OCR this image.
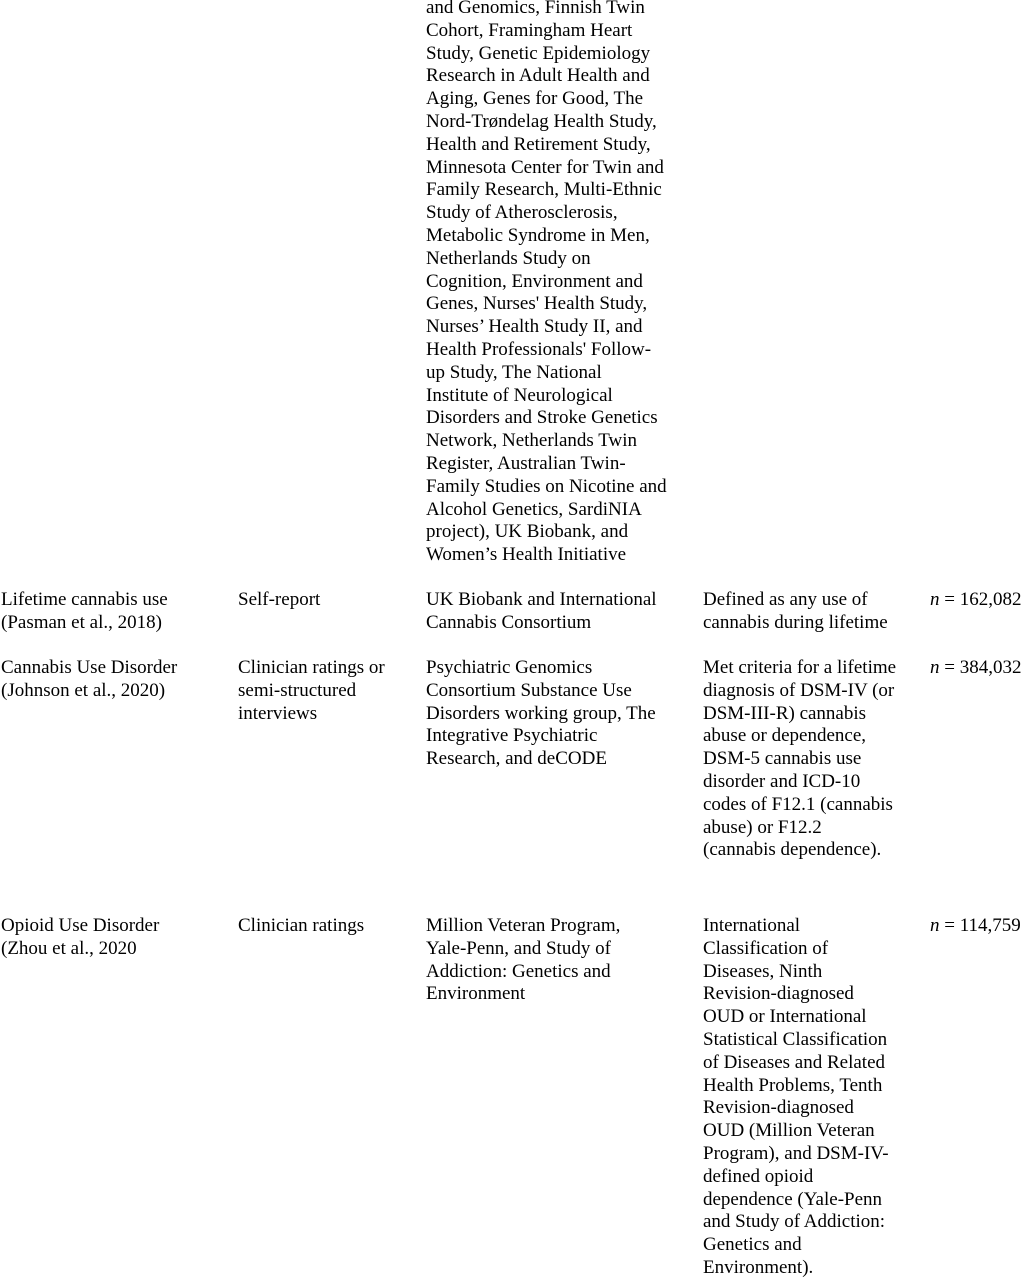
and Genomics, Finnish Twin
Cohort, Framingham Heart
Study, Genetic Epidemiology
Research in Adult Health and
Aging, Genes for Good, The
Nord-Trøndelag Health Study,
Health and Retirement Study,
Minnesota Center for Twin and
Family Research, Multi-Ethnic
Study of Atherosclerosis,
Metabolic Syndrome in Men,
Netherlands Study on
Cognition, Environment and
Genes, Nurses' Health Study,
Nurses’ Health Study II, and
Health Professionals' Follow-
up Study, The National
Institute of Neurological
Disorders and Stroke Genetics
Network, Netherlands Twin
Register, Australian Twin-
Family Studies on Nicotine and
Alcohol Genetics, SardiNIA
project), UK Biobank, and
Women’s Health Initiative

Lifetime cannabis use
(Pasman et al., 2018)

Self-report	UK Biobank and International
Cannabis Consortium

Defined as any use of
cannabis during lifetime

n = 162,082

Cannabis Use Disorder
(Johnson et al., 2020)

Clinician ratings or
semi-structured
interviews

Psychiatric Genomics
Consortium Substance Use
Disorders working group, The
Integrative Psychiatric
Research, and deCODE

Met criteria for a lifetime
diagnosis of DSM-IV (or
DSM-III-R) cannabis
abuse or dependence,
DSM-5 cannabis use
disorder and ICD-10
codes of F12.1 (cannabis
abuse) or F12.2
(cannabis dependence).

n = 384,032

Opioid Use Disorder
(Zhou et al., 2020

Clinician ratings	Million Veteran Program,
Yale-Penn, and Study of
Addiction: Genetics and
Environment

International
Classification of
Diseases, Ninth
Revision-diagnosed
OUD or International
Statistical Classification
of Diseases and Related
Health Problems, Tenth
Revision-diagnosed
OUD (Million Veteran
Program), and DSM-IV-
defined opioid
dependence (Yale-Penn
and Study of Addiction:
Genetics and
Environment).

n = 114,759
